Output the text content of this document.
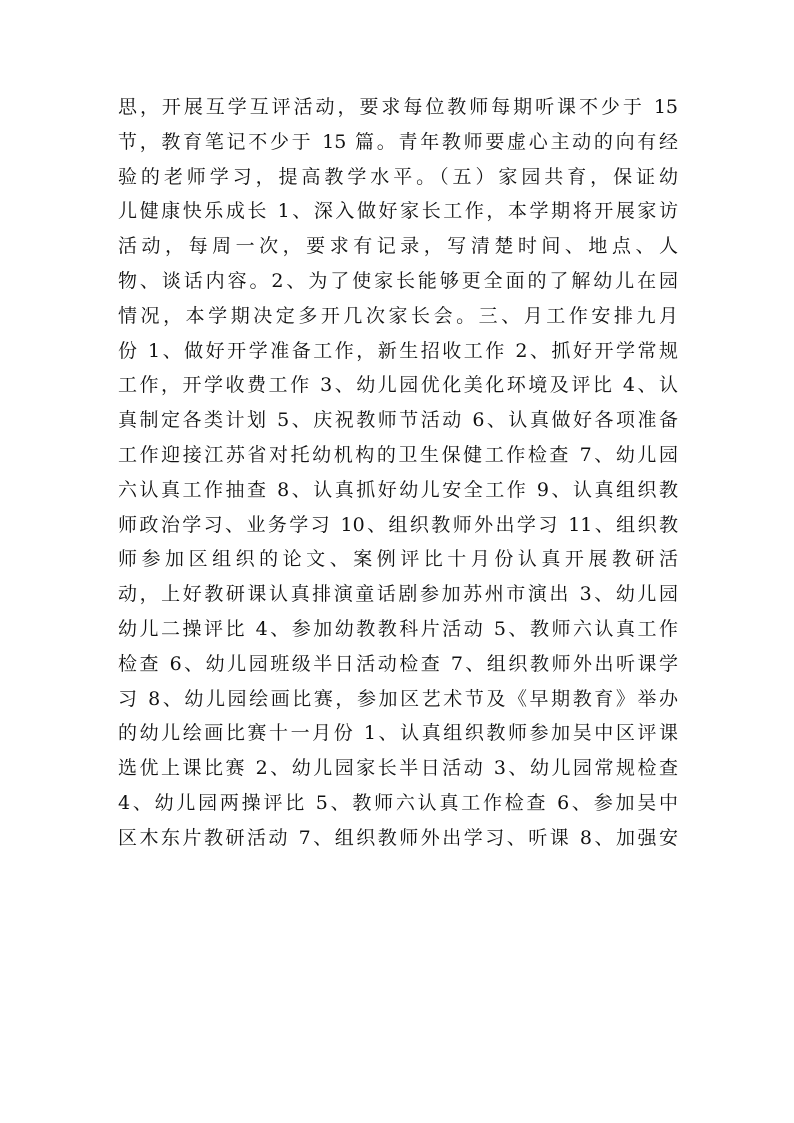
思，开展互学互评活动，要求每位教师每期听课不少于 15
节，教育笔记不少于 15 篇。青年教师要虚心主动的向有经
验的老师学习，提高教学水平。（五）家园共育，保证幼
儿健康快乐成长 1、深入做好家长工作，本学期将开展家访
活动，每周一次，要求有记录，写清楚时间、地点、人
物、谈话内容。2、为了使家长能够更全面的了解幼儿在园
情况，本学期决定多开几次家长会。三、月工作安排九月
份 1、做好开学准备工作，新生招收工作 2、抓好开学常规
工作，开学收费工作 3、幼儿园优化美化环境及评比 4、认
真制定各类计划 5、庆祝教师节活动 6、认真做好各项准备
工作迎接江苏省对托幼机构的卫生保健工作检查 7、幼儿园
六认真工作抽查 8、认真抓好幼儿安全工作 9、认真组织教
师政治学习、业务学习 10、组织教师外出学习 11、组织教
师参加区组织的论文、案例评比十月份认真开展教研活
动，上好教研课认真排演童话剧参加苏州市演出 3、幼儿园
幼儿二操评比 4、参加幼教教科片活动 5、教师六认真工作
检查 6、幼儿园班级半日活动检查 7、组织教师外出听课学
习 8、幼儿园绘画比赛，参加区艺术节及《早期教育》举办
的幼儿绘画比赛十一月份 1、认真组织教师参加吴中区评课
选优上课比赛 2、幼儿园家长半日活动 3、幼儿园常规检查
4、幼儿园两操评比 5、教师六认真工作检查 6、参加吴中
区木东片教研活动 7、组织教师外出学习、听课 8、加强安
